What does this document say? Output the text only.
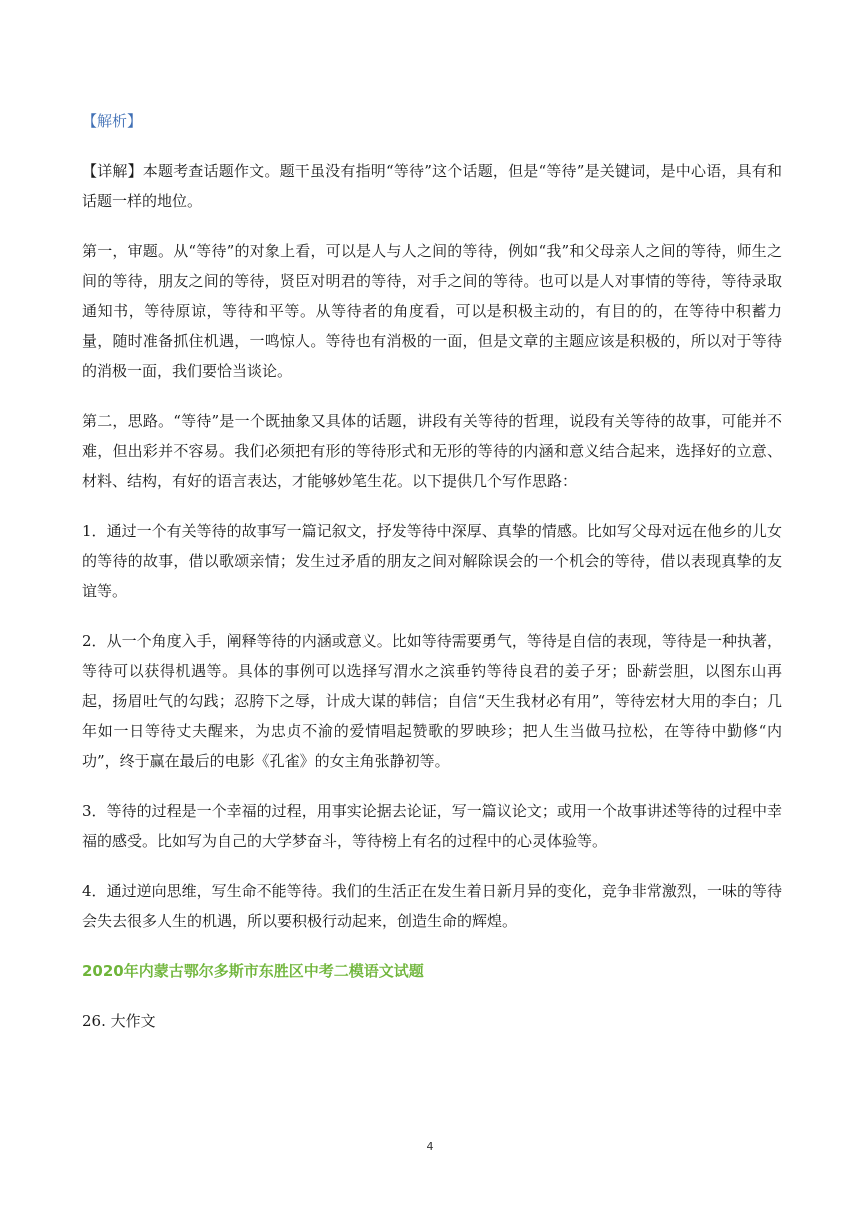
【解析】

【详解】本题考查话题作文。题干虽没有指明“等待”这个话题，但是“等待”是关键词，是中心语，具有和话题一样的地位。

第一，审题。从“等待”的对象上看，可以是人与人之间的等待，例如“我”和父母亲人之间的等待，师生之间的等待，朋友之间的等待，贤臣对明君的等待，对手之间的等待。也可以是人对事情的等待，等待录取通知书，等待原谅，等待和平等。从等待者的角度看，可以是积极主动的，有目的的，在等待中积蓄力量，随时准备抓住机遇，一鸣惊人。等待也有消极的一面，但是文章的主题应该是积极的，所以对于等待的消极一面，我们要恰当谈论。

第二，思路。“等待”是一个既抽象又具体的话题，讲段有关等待的哲理，说段有关等待的故事，可能并不难，但出彩并不容易。我们必须把有形的等待形式和无形的等待的内涵和意义结合起来，选择好的立意、材料、结构，有好的语言表达，才能够妙笔生花。以下提供几个写作思路：

1．通过一个有关等待的故事写一篇记叙文，抒发等待中深厚、真挚的情感。比如写父母对远在他乡的儿女的等待的故事，借以歌颂亲情；发生过矛盾的朋友之间对解除误会的一个机会的等待，借以表现真挚的友谊等。

2．从一个角度入手，阐释等待的内涵或意义。比如等待需要勇气，等待是自信的表现，等待是一种执著，等待可以获得机遇等。具体的事例可以选择写渭水之滨垂钓等待良君的姜子牙；卧薪尝胆，以图东山再起，扬眉吐气的勾践；忍胯下之辱，计成大谋的韩信；自信“天生我材必有用”，等待宏材大用的李白；几年如一日等待丈夫醒来，为忠贞不渝的爱情唱起赞歌的罗映珍；把人生当做马拉松，在等待中勤修“内功”，终于赢在最后的电影《孔雀》的女主角张静初等。

3．等待的过程是一个幸福的过程，用事实论据去论证，写一篇议论文；或用一个故事讲述等待的过程中幸福的感受。比如写为自己的大学梦奋斗，等待榜上有名的过程中的心灵体验等。

4．通过逆向思维，写生命不能等待。我们的生活正在发生着日新月异的变化，竞争非常激烈，一味的等待会失去很多人生的机遇，所以要积极行动起来，创造生命的辉煌。

2020年内蒙古鄂尔多斯市东胜区中考二模语文试题
26. 大作文
4
